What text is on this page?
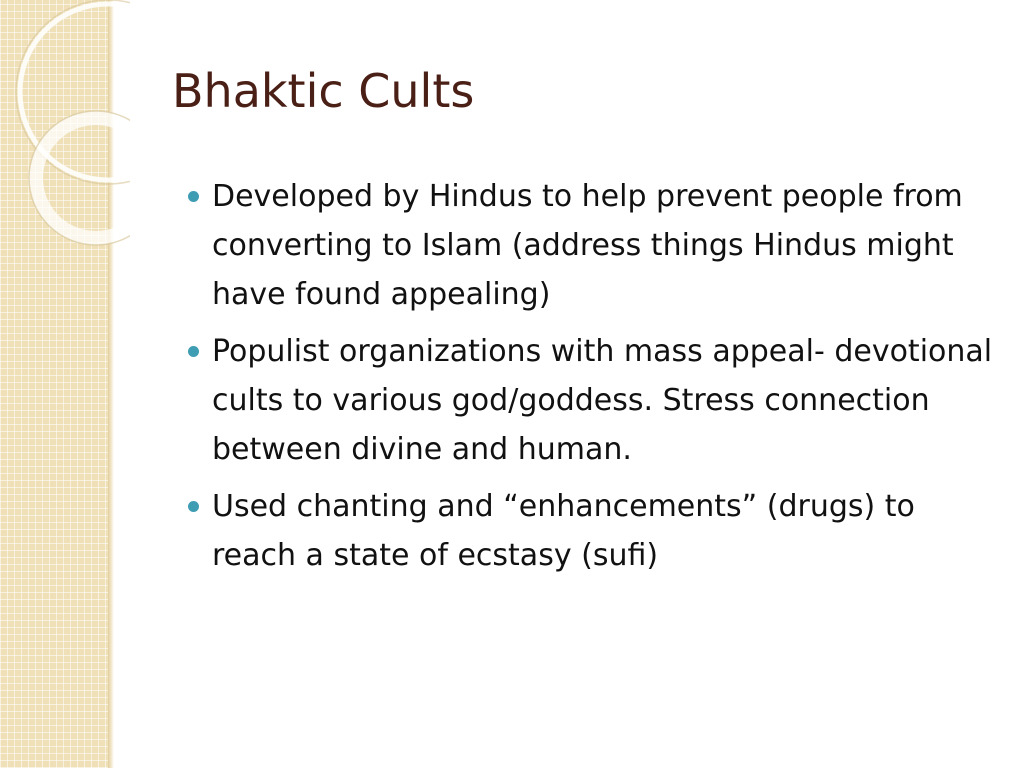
Bhaktic Cults
Developed by Hindus to help prevent people from converting to Islam (address things Hindus might have found appealing)
Populist organizations with mass appeal- devotional cults to various god/goddess. Stress connection between divine and human.
Used chanting and “enhancements” (drugs) to reach a state of ecstasy (sufi)
